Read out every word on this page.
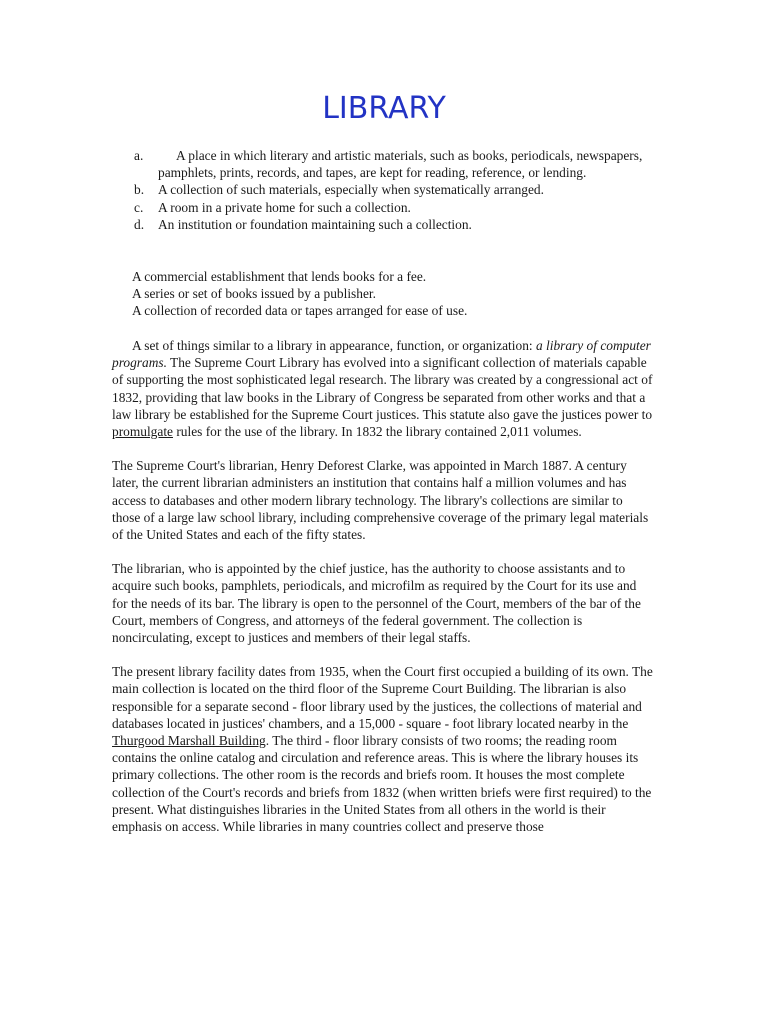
LIBRARY
a. A place in which literary and artistic materials, such as books, periodicals, newspapers, pamphlets, prints, records, and tapes, are kept for reading, reference, or lending.
b. A collection of such materials, especially when systematically arranged.
c. A room in a private home for such a collection.
d. An institution or foundation maintaining such a collection.
A commercial establishment that lends books for a fee.
A series or set of books issued by a publisher.
A collection of recorded data or tapes arranged for ease of use.

A set of things similar to a library in appearance, function, or organization: a library of computer programs. The Supreme Court Library has evolved into a significant collection of materials capable of supporting the most sophisticated legal research. The library was created by a congressional act of 1832, providing that law books in the Library of Congress be separated from other works and that a law library be established for the Supreme Court justices. This statute also gave the justices power to promulgate rules for the use of the library. In 1832 the library contained 2,011 volumes.

The Supreme Court's librarian, Henry Deforest Clarke, was appointed in March 1887. A century later, the current librarian administers an institution that contains half a million volumes and has access to databases and other modern library technology. The library's collections are similar to those of a large law school library, including comprehensive coverage of the primary legal materials of the United States and each of the fifty states.

The librarian, who is appointed by the chief justice, has the authority to choose assistants and to acquire such books, pamphlets, periodicals, and microfilm as required by the Court for its use and for the needs of its bar. The library is open to the personnel of the Court, members of the bar of the Court, members of Congress, and attorneys of the federal government. The collection is noncirculating, except to justices and members of their legal staffs.

The present library facility dates from 1935, when the Court first occupied a building of its own. The main collection is located on the third floor of the Supreme Court Building. The librarian is also responsible for a separate second - floor library used by the justices, the collections of material and databases located in justices' chambers, and a 15,000 - square - foot library located nearby in the Thurgood Marshall Building. The third - floor library consists of two rooms; the reading room contains the online catalog and circulation and reference areas. This is where the library houses its primary collections. The other room is the records and briefs room. It houses the most complete collection of the Court's records and briefs from 1832 (when written briefs were first required) to the present. What distinguishes libraries in the United States from all others in the world is their emphasis on access. While libraries in many countries collect and preserve those
